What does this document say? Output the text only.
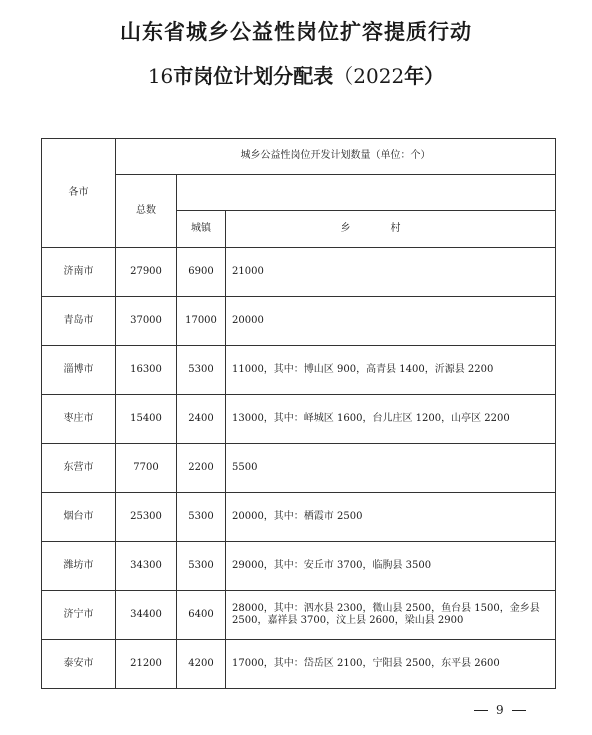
山东省城乡公益性岗位扩容提质行动
16市岗位计划分配表（2022年）
各市	城乡公益性岗位开发计划数量（单位：个）		
	总数		
		城镇	乡村
济南市	27900	6900	21000
青岛市	37000	17000	20000
淄博市	16300	5300	11000，其中：博山区 900，高青县 1400，沂源县 2200
枣庄市	15400	2400	13000，其中：峄城区 1600，台儿庄区 1200，山亭区 2200
东营市	7700	2200	5500
烟台市	25300	5300	20000，其中：栖霞市 2500
潍坊市	34300	5300	29000，其中：安丘市 3700，临朐县 3500
济宁市	34400	6400	28000，其中：泗水县 2300，微山县 2500，鱼台县 1500，金乡县 2500，嘉祥县 3700，汶上县 2600，梁山县 2900
泰安市	21200	4200	17000，其中：岱岳区 2100，宁阳县 2500，东平县 2600
9
